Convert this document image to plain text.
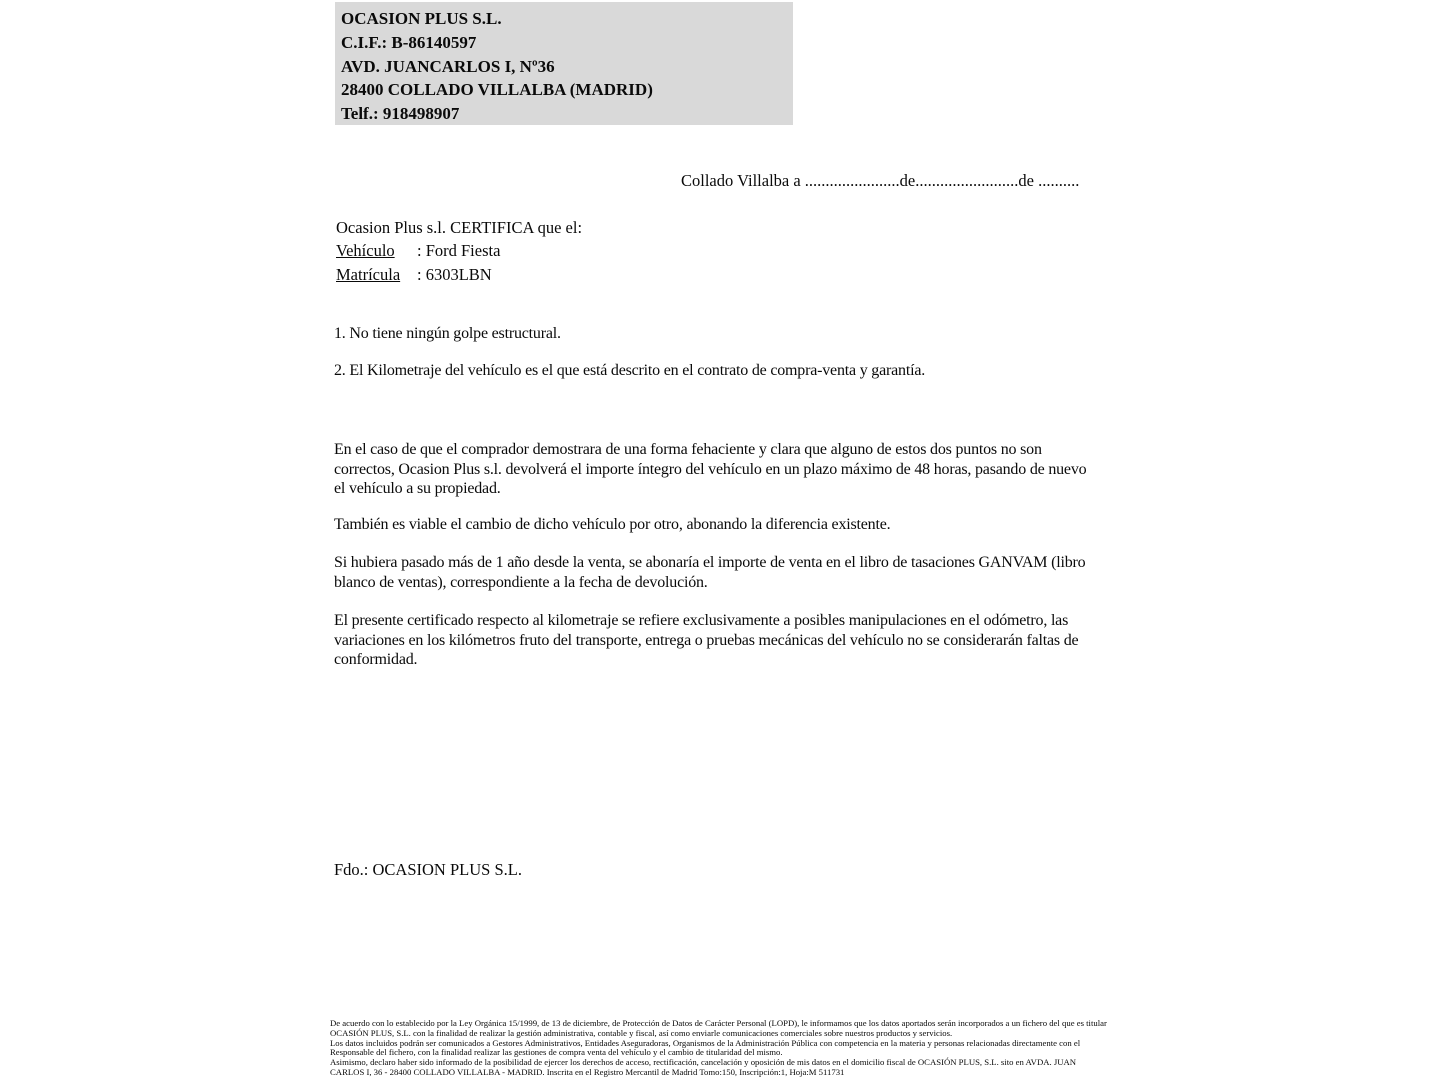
OCASION PLUS S.L.
C.I.F.: B-86140597
AVD. JUANCARLOS I, Nº36
28400 COLLADO VILLALBA (MADRID)
Telf.: 918498907
Collado Villalba a .......................de.........................de ..........
Ocasion Plus s.l. CERTIFICA que el:
Vehículo : Ford Fiesta
Matrícula : 6303LBN
1. No tiene ningún golpe estructural.
2. El Kilometraje del vehículo es el que está descrito en el contrato de compra-venta y garantía.

En el caso de que el comprador demostrara de una forma fehaciente y clara que alguno de estos dos puntos no son correctos, Ocasion Plus s.l. devolverá el importe íntegro del vehículo en un plazo máximo de 48 horas, pasando de nuevo el vehículo a su propiedad.

También es viable el cambio de dicho vehículo por otro, abonando la diferencia existente.

Si hubiera pasado más de 1 año desde la venta, se abonaría el importe de venta en el libro de tasaciones GANVAM (libro blanco de ventas), correspondiente a la fecha de devolución.

El presente certificado respecto al kilometraje se refiere exclusivamente a posibles manipulaciones en el odómetro, las variaciones en los kilómetros fruto del transporte, entrega o pruebas mecánicas del vehículo no se considerarán faltas de conformidad.

Fdo.: OCASION PLUS S.L.
De acuerdo con lo establecido por la Ley Orgánica 15/1999, de 13 de diciembre, de Protección de Datos de Carácter Personal (LOPD), le informamos que los datos aportados serán incorporados a un fichero del que es titular
OCASIÓN PLUS, S.L. con la finalidad de realizar la gestión administrativa, contable y fiscal, así como enviarle comunicaciones comerciales sobre nuestros productos y servicios.
Los datos incluidos podrán ser comunicados a Gestores Administrativos, Entidades Aseguradoras, Organismos de la Administración Pública con competencia en la materia y personas relacionadas directamente con el
Responsable del fichero, con la finalidad realizar las gestiones de compra venta del vehículo y el cambio de titularidad del mismo.
Asimismo, declaro haber sido informado de la posibilidad de ejercer los derechos de acceso, rectificación, cancelación y oposición de mis datos en el domicilio fiscal de OCASIÓN PLUS, S.L. sito en AVDA. JUAN
CARLOS I, 36 - 28400 COLLADO VILLALBA - MADRID. Inscrita en el Registro Mercantil de Madrid Tomo:150, Inscripción:1, Hoja:M 511731
